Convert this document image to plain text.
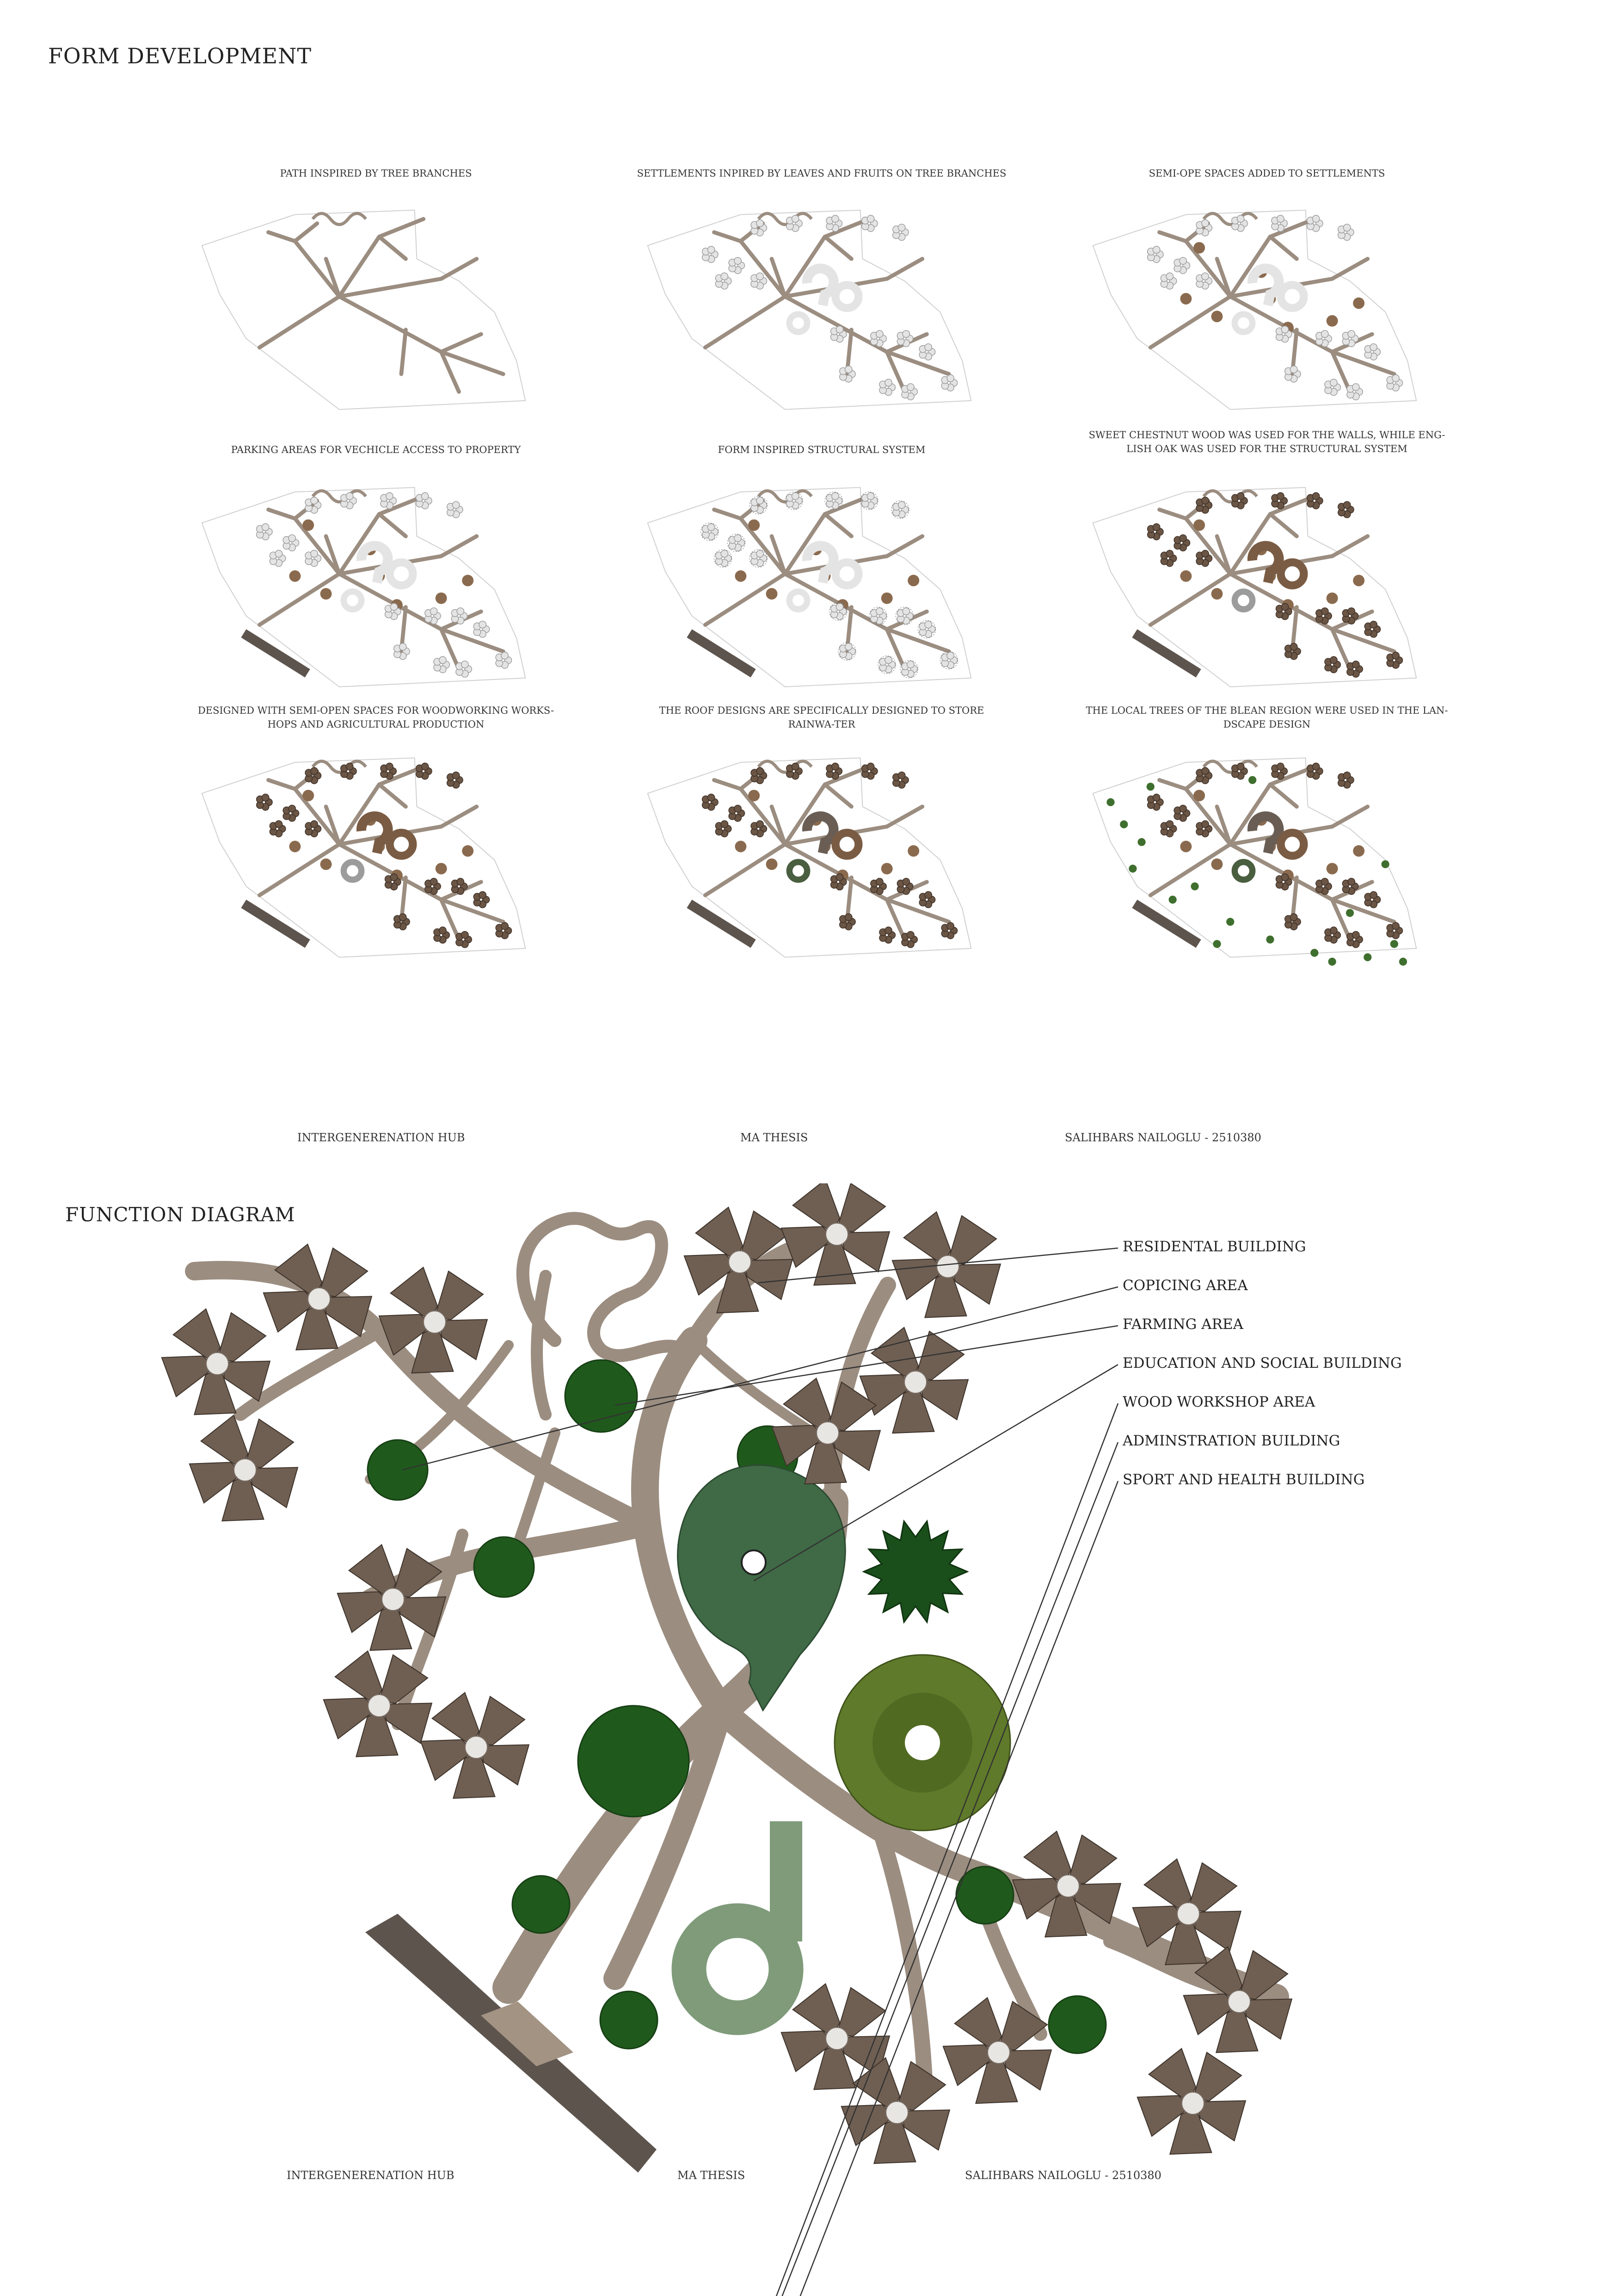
FORM DEVELOPMENT
PATH INSPIRED BY TREE BRANCHES	SETTLEMENTS INPIRED BY LEAVES AND FRUITS ON TREE BRANCHES	SEMI-OPE SPACES ADDED TO SETTLEMENTS
PARKING AREAS FOR VECHICLE ACCESS TO PROPERTY	FORM INSPIRED STRUCTURAL SYSTEM
SWEET CHESTNUT WOOD WAS USED FOR THE WALLS, WHILE ENG-LISH OAK WAS USED FOR THE STRUCTURAL SYSTEM
DESIGNED WITH SEMI-OPEN SPACES FOR WOODWORKING WORKS-HOPS AND AGRICULTURAL PRODUCTION
THE ROOF DESIGNS ARE SPECIFICALLY DESIGNED TO STORE RAINWA-TER
THE LOCAL TREES OF THE BLEAN REGION WERE USED IN THE LAN-DSCAPE DESIGN
INTERGENERENATION HUB	MA THESIS	SALIHBARS NAILOGLU - 2510380
FUNCTION DIAGRAM
RESIDENTAL BUILDING
COPICING AREA
FARMING AREA
EDUCATION AND SOCIAL BUILDING
WOOD WORKSHOP AREA
ADMINSTRATION BUILDING
SPORT AND HEALTH BUILDING
INTERGENERENATION HUB	MA THESIS	SALIHBARS NAILOGLU - 2510380
